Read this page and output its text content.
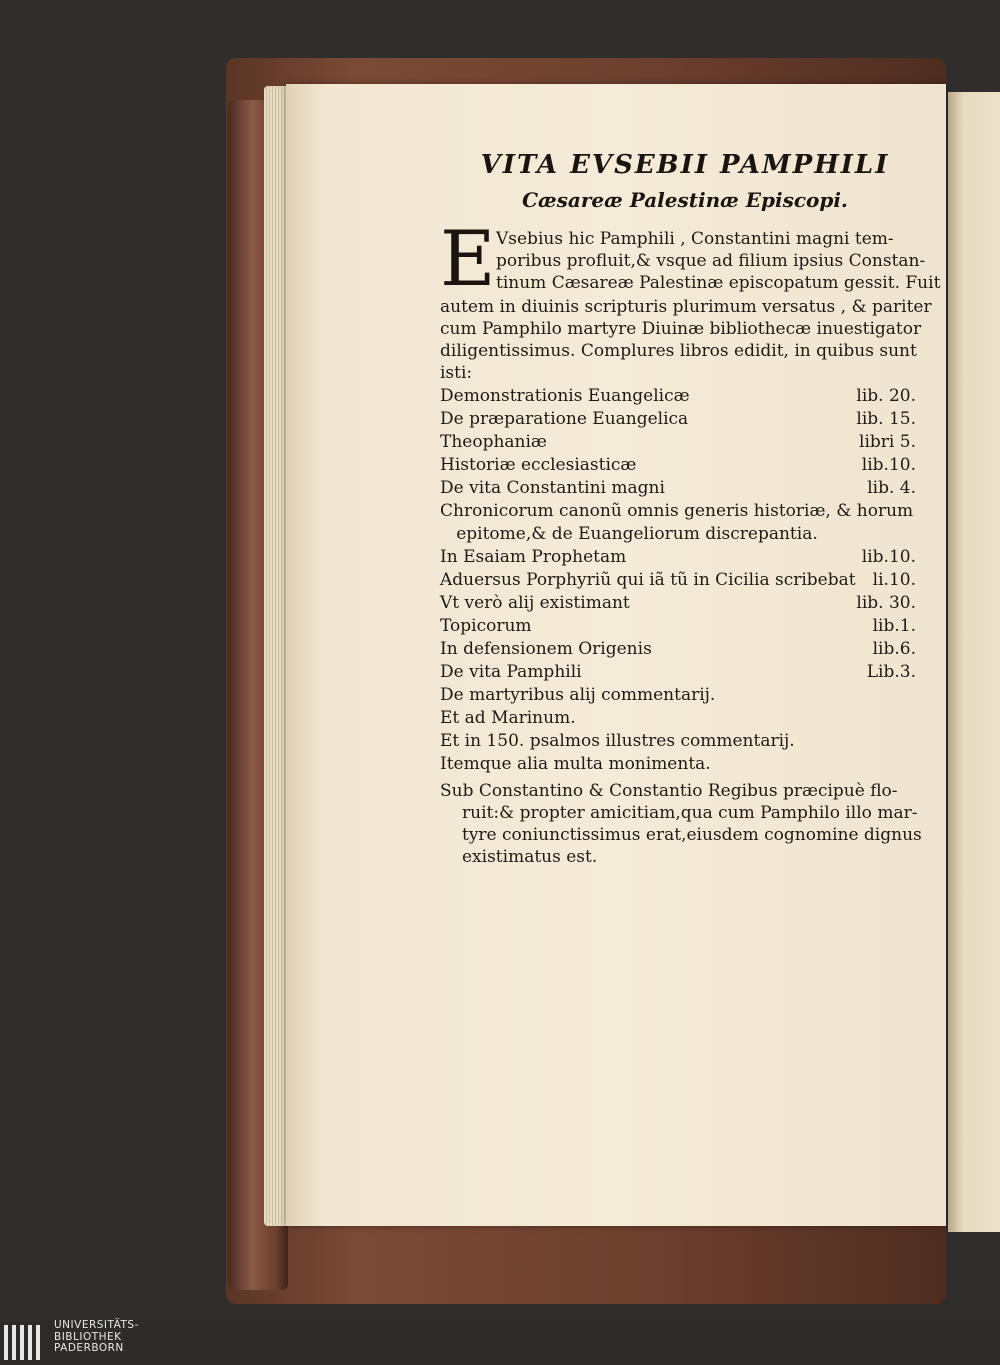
VITA EVSEBII PAMPHILI
Cæsareæ Palestinæ Episcopi.
E Vsebius hic Pamphili , Constantini magni tem-
poribus profluit,& vsque ad filium ipsius Constan-
tinum Cæsareæ Palestinæ episcopatum gessit. Fuit
autem in diuinis scripturis plurimum versatus , & pariter
cum Pamphilo martyre Diuinæ bibliothecæ inuestigator
diligentissimus. Complures libros edidit, in quibus sunt
isti:
Demonstrationis Euangelicæ	lib. 20.
De præparatione Euangelica	lib. 15.
Theophaniæ	libri 5.
Historiæ ecclesiasticæ	lib.10.
De vita Constantini magni	lib. 4.
Chronicorum canonũ omnis generis historiæ, & horum
epitome,& de Euangeliorum discrepantia.
In Esaiam Prophetam	lib.10.
Aduersus Porphyriũ qui iã tũ in Cicilia scribebat li.10.
Vt verò alij existimant	lib. 30.
Topicorum	lib.1.
In defensionem Origenis	lib.6.
De vita Pamphili	Lib.3.
De martyribus alij commentarij.
Et ad Marinum.
Et in 150. psalmos illustres commentarij.
Itemque alia multa monimenta.
Sub Constantino & Constantio Regibus præcipuè flo-
ruit:& propter amicitiam,qua cum Pamphilo illo mar-
tyre coniunctissimus erat,eiusdem cognomine dignus
existimatus est.

UNIVERSITÄTS-
BIBLIOTHEK
PADERBORN
